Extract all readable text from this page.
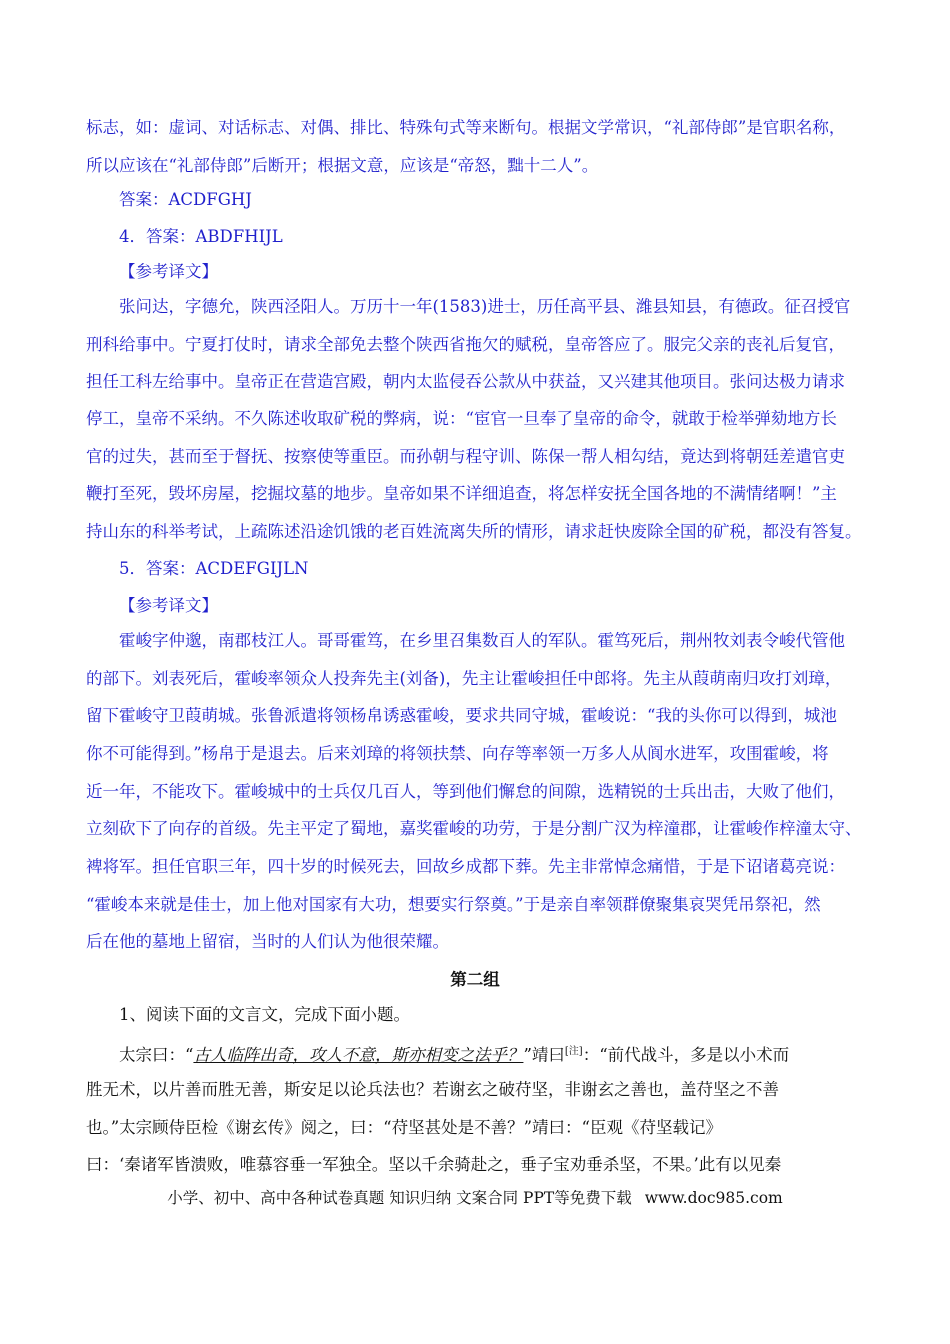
标志，如：虚词、对话标志、对偶、排比、特殊句式等来断句。根据文学常识，“礼部侍郎”是官职名称，
所以应该在“礼部侍郎”后断开；根据文意，应该是“帝怒，黜十二人”。
答案：ACDFGHJ
4．答案：ABDFHIJL
【参考译文】
张问达，字德允，陕西泾阳人。万历十一年(1583)进士，历任高平县、潍县知县，有德政。征召授官
刑科给事中。宁夏打仗时，请求全部免去整个陕西省拖欠的赋税，皇帝答应了。服完父亲的丧礼后复官，
担任工科左给事中。皇帝正在营造宫殿，朝内太监侵吞公款从中获益，又兴建其他项目。张问达极力请求
停工，皇帝不采纳。不久陈述收取矿税的弊病，说：“宦官一旦奉了皇帝的命令，就敢于检举弹劾地方长
官的过失，甚而至于督抚、按察使等重臣。而孙朝与程守训、陈保一帮人相勾结，竟达到将朝廷差遣官吏
鞭打至死，毁坏房屋，挖掘坟墓的地步。皇帝如果不详细追查，将怎样安抚全国各地的不满情绪啊！”主
持山东的科举考试，上疏陈述沿途饥饿的老百姓流离失所的情形，请求赶快废除全国的矿税，都没有答复。
5．答案：ACDEFGIJLN
【参考译文】
霍峻字仲邈，南郡枝江人。哥哥霍笃，在乡里召集数百人的军队。霍笃死后，荆州牧刘表令峻代管他
的部下。刘表死后，霍峻率领众人投奔先主(刘备)，先主让霍峻担任中郎将。先主从葭萌南归攻打刘璋，
留下霍峻守卫葭萌城。张鲁派遣将领杨帛诱惑霍峻，要求共同守城，霍峻说：“我的头你可以得到，城池
你不可能得到。”杨帛于是退去。后来刘璋的将领扶禁、向存等率领一万多人从阆水进军，攻围霍峻，将
近一年，不能攻下。霍峻城中的士兵仅几百人，等到他们懈怠的间隙，选精锐的士兵出击，大败了他们，
立刻砍下了向存的首级。先主平定了蜀地，嘉奖霍峻的功劳，于是分割广汉为梓潼郡，让霍峻作梓潼太守、
裨将军。担任官职三年，四十岁的时候死去，回故乡成都下葬。先主非常悼念痛惜，于是下诏诸葛亮说：
“霍峻本来就是佳士，加上他对国家有大功，想要实行祭奠。”于是亲自率领群僚聚集哀哭凭吊祭祀，然
后在他的墓地上留宿，当时的人们认为他很荣耀。
第二组
1、阅读下面的文言文，完成下面小题。
太宗曰：“古人临阵出奇，攻人不意，斯亦相变之法乎？”靖曰[注]：“前代战斗，多是以小术而
胜无术，以片善而胜无善，斯安足以论兵法也？若谢玄之破苻坚，非谢玄之善也，盖苻坚之不善
也。”太宗顾侍臣检《谢玄传》阅之，曰：“苻坚甚处是不善？”靖曰：“臣观《苻坚载记》
曰：‘秦诸军皆溃败，唯慕容垂一军独全。坚以千余骑赴之，垂子宝劝垂杀坚，不果。’此有以见秦
小学、初中、高中各种试卷真题 知识归纳 文案合同 PPT等免费下载 www.doc985.com
